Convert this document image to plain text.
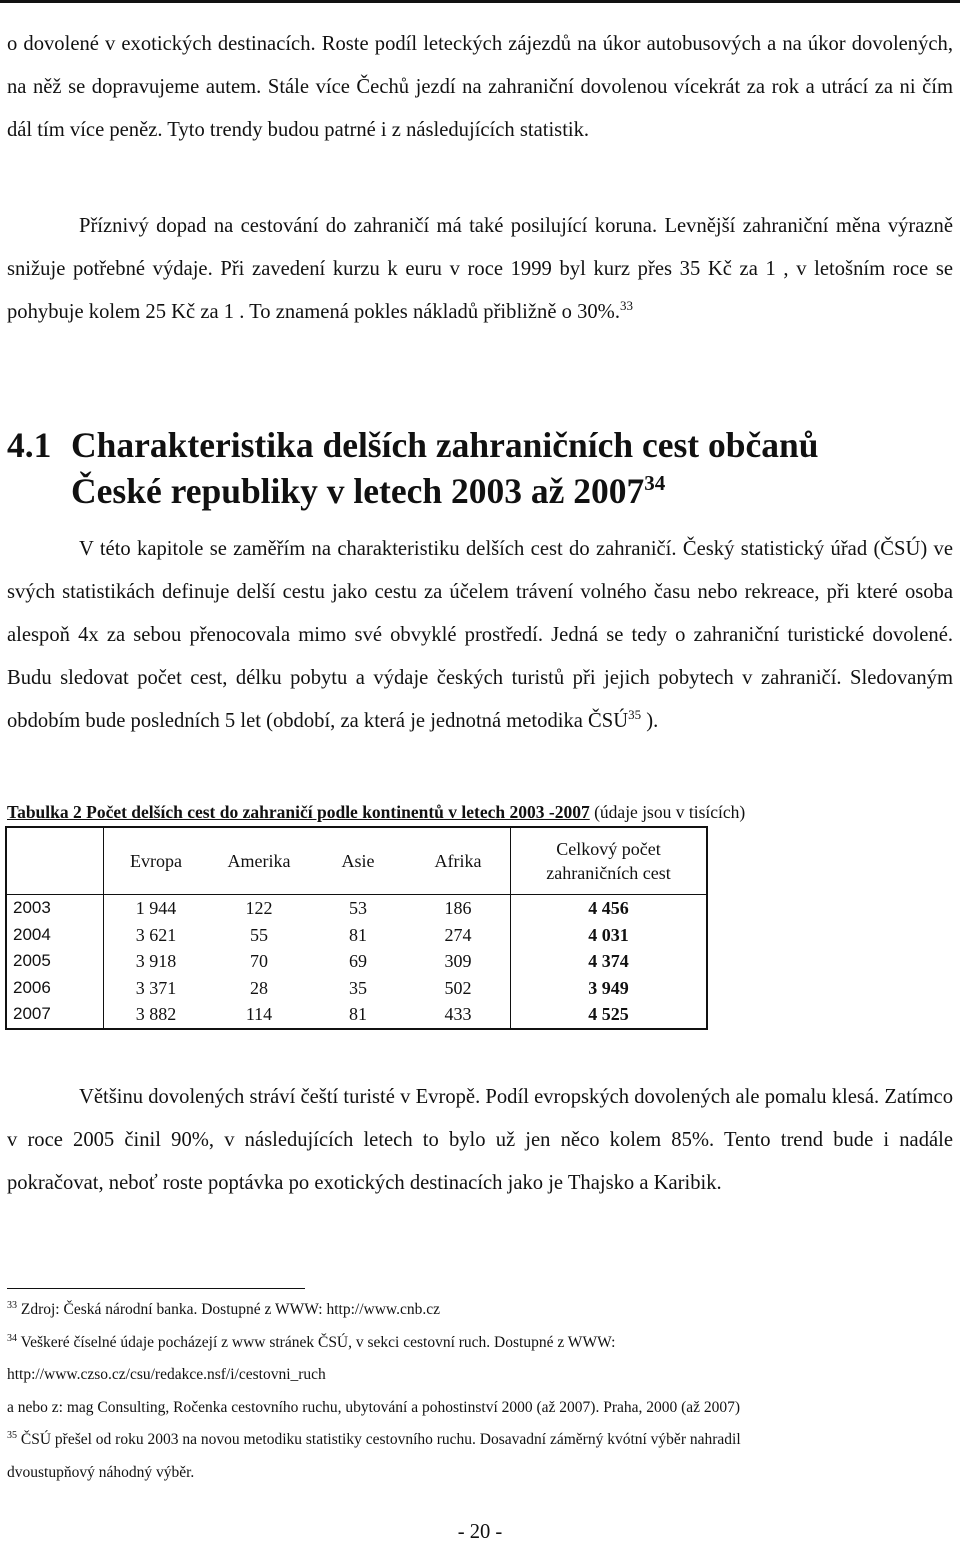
o dovolené v exotických destinacích. Roste podíl leteckých zájezdů na úkor autobusových a na úkor dovolených, na něž se dopravujeme autem. Stále více Čechů jezdí na zahraniční dovolenou vícekrát za rok a utrácí za ni čím dál tím více peněz. Tyto trendy budou patrné i z následujících statistik.
Příznivý dopad na cestování do zahraničí má také posilující koruna. Levnější zahraniční měna výrazně snižuje potřebné výdaje. Při zavedení kurzu k euru v roce 1999 byl kurz přes 35 Kč za 1 , v letošním roce se pohybuje kolem 25 Kč za 1 . To znamená pokles nákladů přibližně o 30%.$^{33}$
4.1 Charakteristika delších zahraničních cest občanů
České republiky v letech 2003 až 2007$^{34}$
V této kapitole se zaměřím na charakteristiku delších cest do zahraničí. Český statistický úřad (ČSÚ) ve svých statistikách definuje delší cestu jako cestu za účelem trávení volného času nebo rekreace, při které osoba alespoň 4x za sebou přenocovala mimo své obvyklé prostředí. Jedná se tedy o zahraniční turistické dovolené. Budu sledovat počet cest, délku pobytu a výdaje českých turistů při jejich pobytech v zahraničí. Sledovaným obdobím bude posledních 5 let (období, za která je jednotná metodika ČSÚ$^{35}$ ).
Tabulka 2 Počet delších cest do zahraničí podle kontinentů v letech 2003 -2007 (údaje jsou v tisících)
	Evropa	Amerika	Asie	Afrika	Celkový počet zahraničních cest
2003	1 944	122	53	186	4 456
2004	3 621	55	81	274	4 031
2005	3 918	70	69	309	4 374
2006	3 371	28	35	502	3 949
2007	3 882	114	81	433	4 525
Většinu dovolených stráví čeští turisté v Evropě. Podíl evropských dovolených ale pomalu klesá. Zatímco v roce 2005 činil 90%, v následujících letech to bylo už jen něco kolem 85%. Tento trend bude i nadále pokračovat, neboť roste poptávka po exotických destinacích jako je Thajsko a Karibik.
$^{33}$ Zdroj: Česká národní banka. Dostupné z WWW: http://www.cnb.cz
$^{34}$ Veškeré číselné údaje pocházejí z www stránek ČSÚ, v sekci cestovní ruch. Dostupné z WWW:
http://www.czso.cz/csu/redakce.nsf/i/cestovni_ruch
a nebo z: mag Consulting, Ročenka cestovního ruchu, ubytování a pohostinství 2000 (až 2007). Praha, 2000 (až 2007)
$^{35}$ ČSÚ přešel od roku 2003 na novou metodiku statistiky cestovního ruchu. Dosavadní záměrný kvótní výběr nahradil
dvoustupňový náhodný výběr.
- 20 -
